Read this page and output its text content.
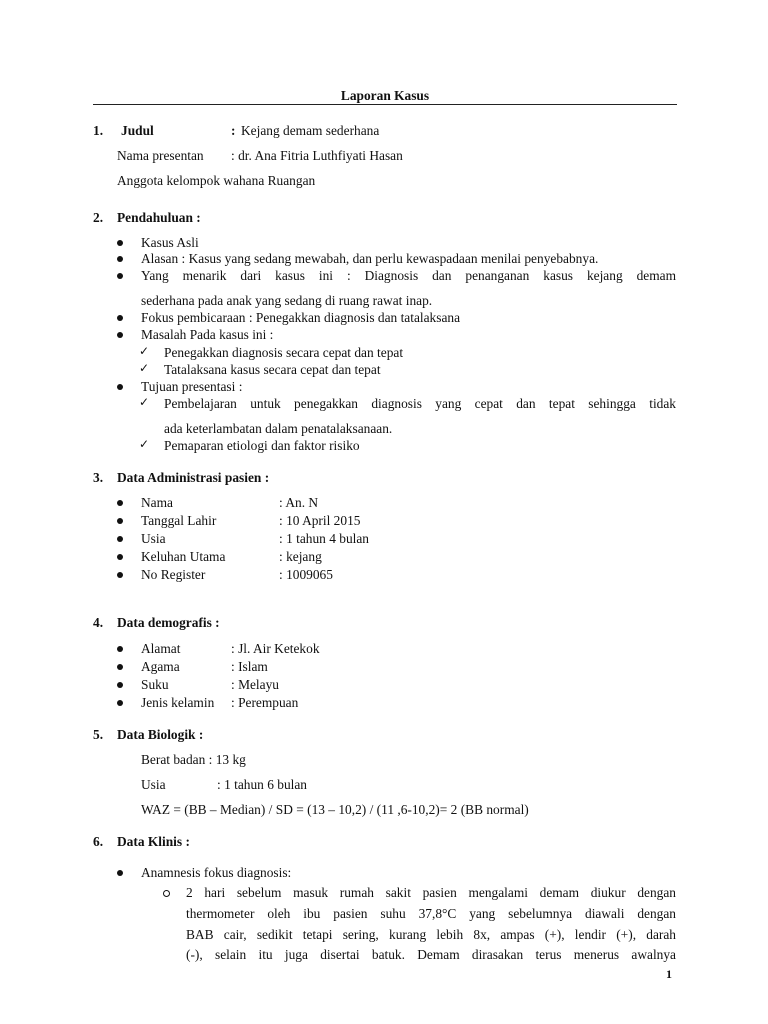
Laporan Kasus
1. Judul	: Kejang demam sederhana
Nama presentan : dr. Ana Fitria Luthfiyati Hasan
Anggota kelompok wahana Ruangan
2. Pendahuluan :
Kasus Asli
Alasan : Kasus yang sedang mewabah, dan perlu kewaspadaan menilai penyebabnya.
Yang menarik dari kasus ini : Diagnosis dan penanganan kasus kejang demam
sederhana pada anak yang sedang di ruang rawat inap.
Fokus pembicaraan : Penegakkan diagnosis dan tatalaksana
Masalah Pada kasus ini :
✓ Penegakkan diagnosis secara cepat dan tepat
✓ Tatalaksana kasus secara cepat dan tepat
Tujuan presentasi :
✓ Pembelajaran untuk penegakkan diagnosis yang cepat dan tepat sehingga tidak
ada keterlambatan dalam penatalaksanaan.
✓ Pemaparan etiologi dan faktor risiko
3. Data Administrasi pasien :
Nama	: An. N
Tanggal Lahir	: 10 April 2015
Usia	: 1 tahun 4 bulan
Keluhan Utama	: kejang
No Register	: 1009065
4. Data demografis :
Alamat	: Jl. Air Ketekok
Agama	: Islam
Suku	: Melayu
Jenis kelamin : Perempuan
5. Data Biologik :
Berat badan : 13 kg
Usia	: 1 tahun 6 bulan
WAZ = (BB – Median) / SD = (13 – 10,2) / (11 ,6-10,2)= 2 (BB normal)
6. Data Klinis :
Anamnesis fokus diagnosis:
2 hari sebelum masuk rumah sakit pasien mengalami demam diukur dengan
thermometer oleh ibu pasien suhu 37,8°C yang sebelumnya diawali dengan
BAB cair, sedikit tetapi sering, kurang lebih 8x, ampas (+), lendir (+), darah
(-), selain itu juga disertai batuk. Demam dirasakan terus menerus awalnya
1
